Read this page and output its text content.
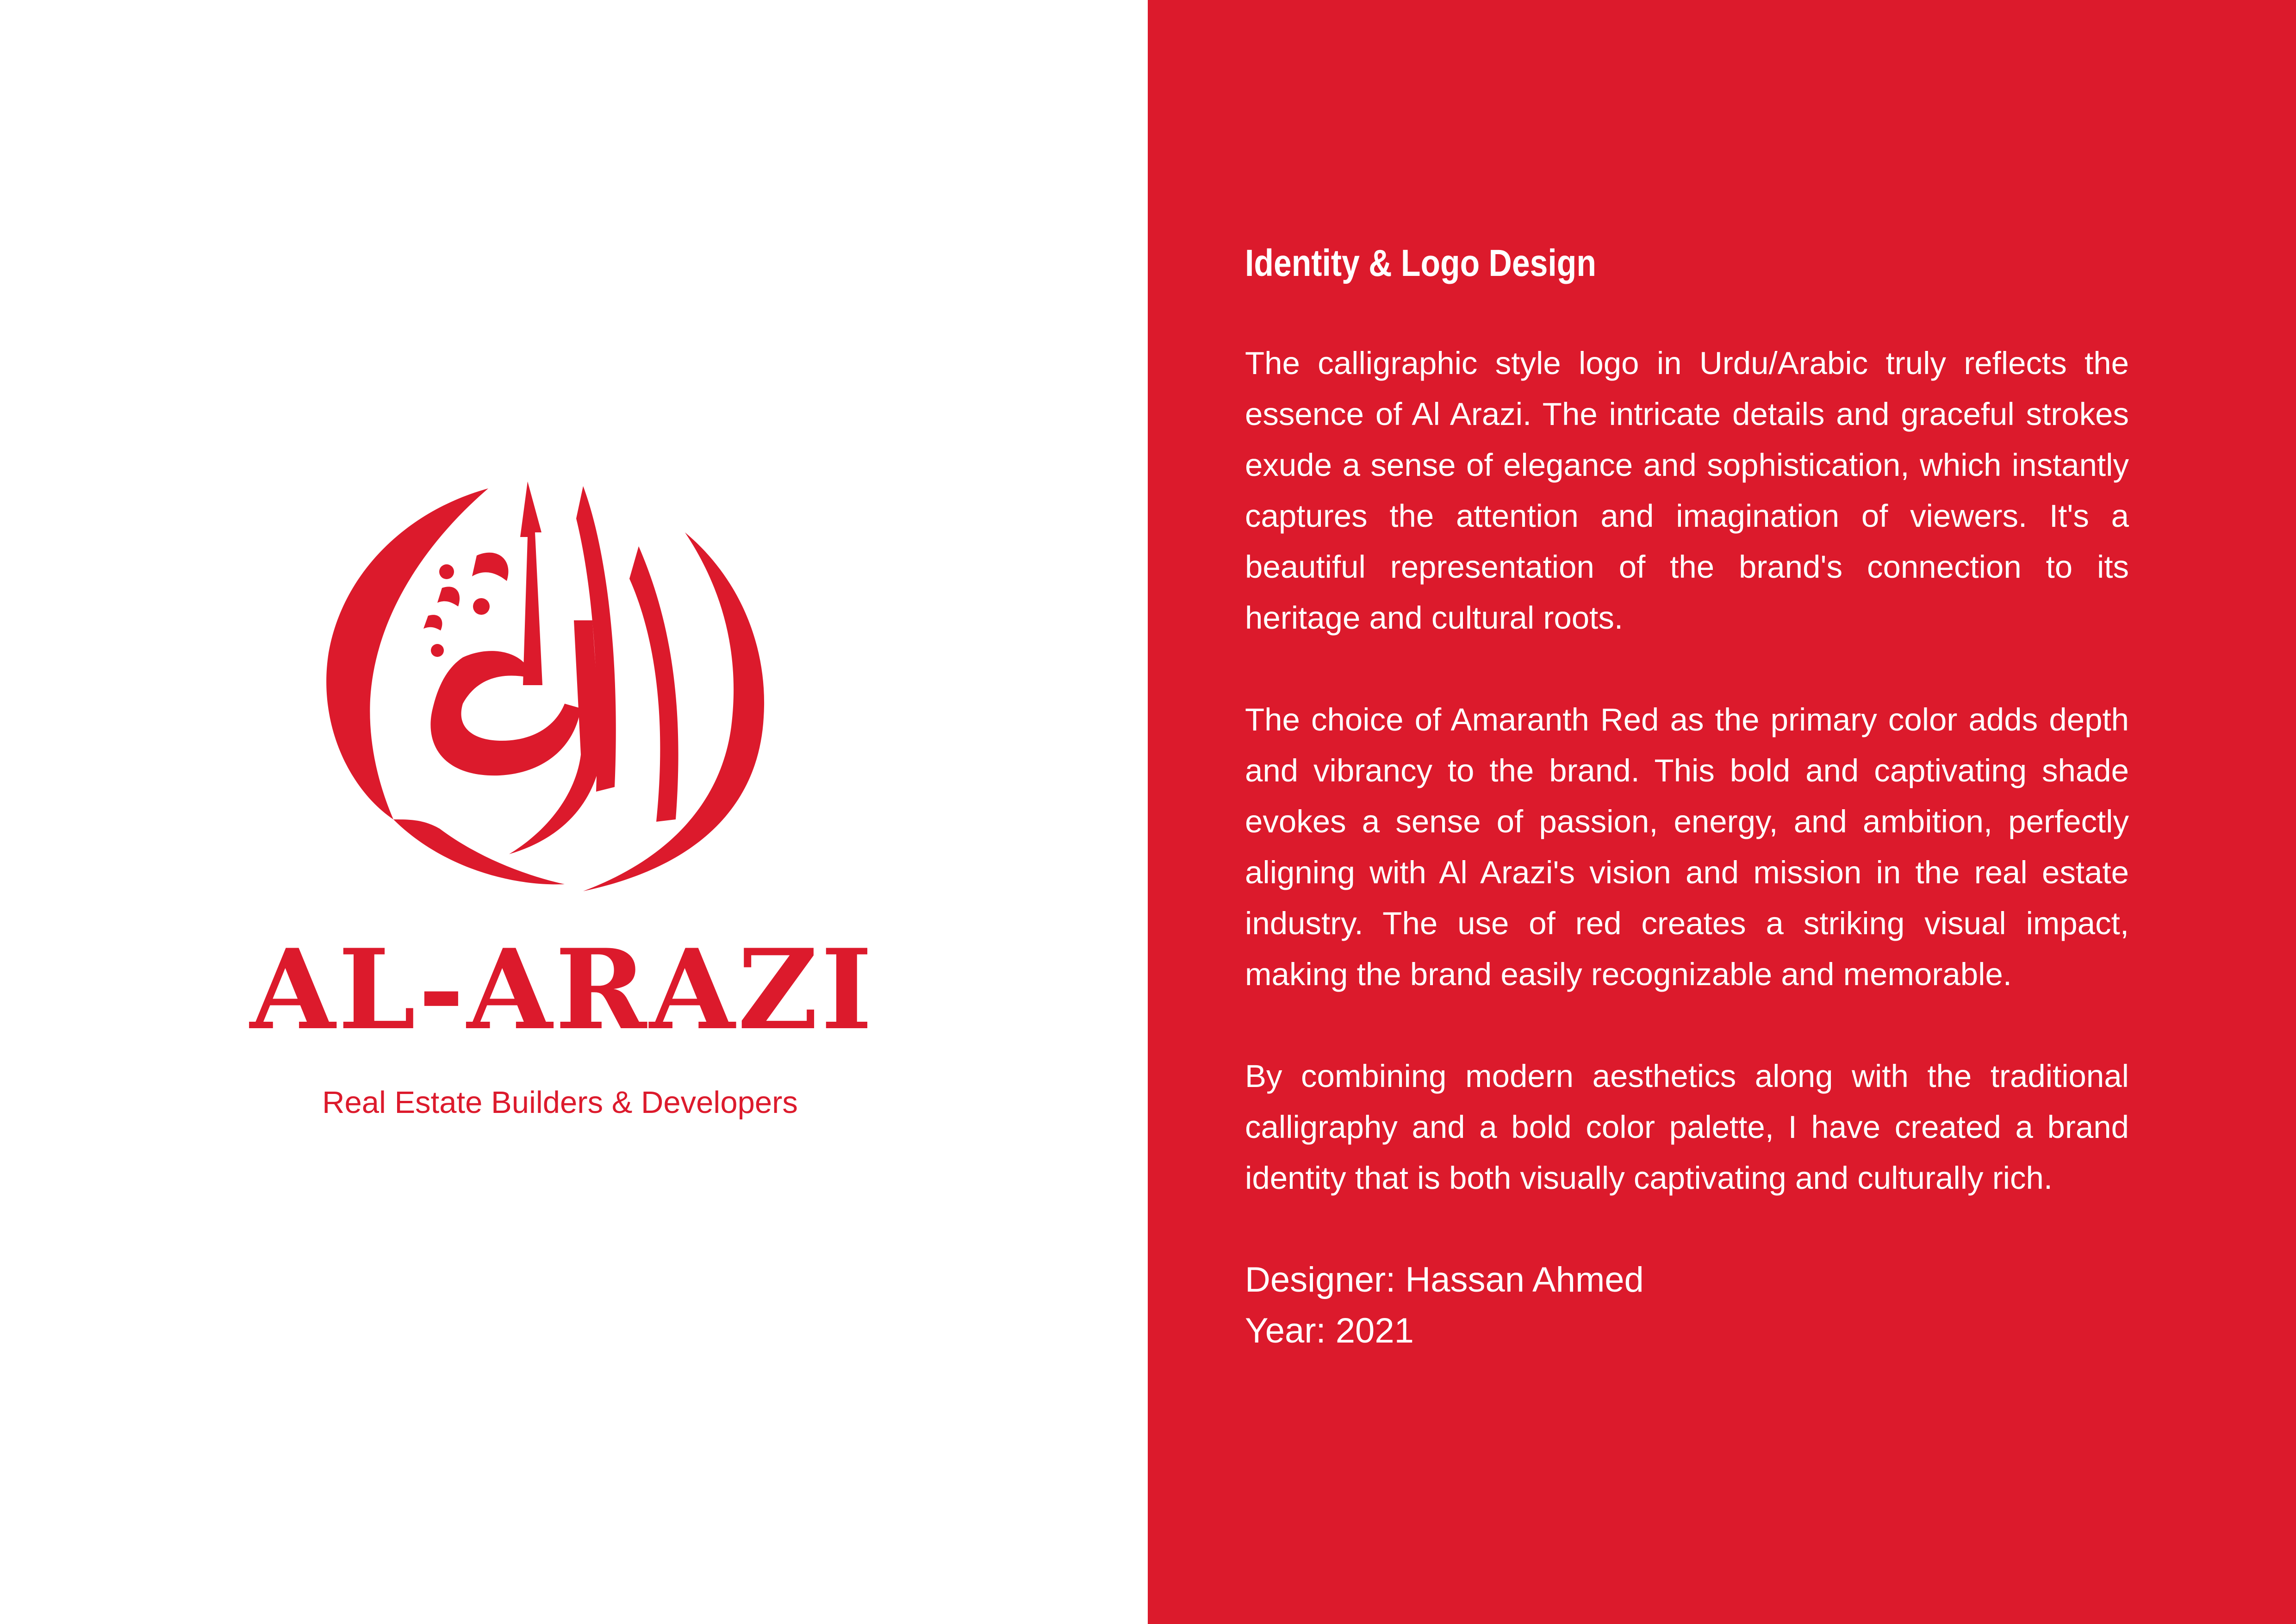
AL-ARAZI
Real Estate Builders & Developers
Identity & Logo Design

The calligraphic style logo in Urdu/Arabic truly reflects the essence of Al Arazi. The intricate details and graceful strokes exude a sense of elegance and sophistication, which instantly captures the attention and imagination of viewers. It's a beautiful representation of the brand's connection to its heritage and cultural roots.

The choice of Amaranth Red as the primary color adds depth and vibrancy to the brand. This bold and captivating shade evokes a sense of passion, energy, and ambition, perfectly aligning with Al Arazi's vision and mission in the real estate industry. The use of red creates a striking visual impact, making the brand easily recognizable and memorable.

By combining modern aesthetics along with the traditional calligraphy and a bold color palette, I have created a brand identity that is both visually captivating and culturally rich.

Designer: Hassan Ahmed
Year: 2021
